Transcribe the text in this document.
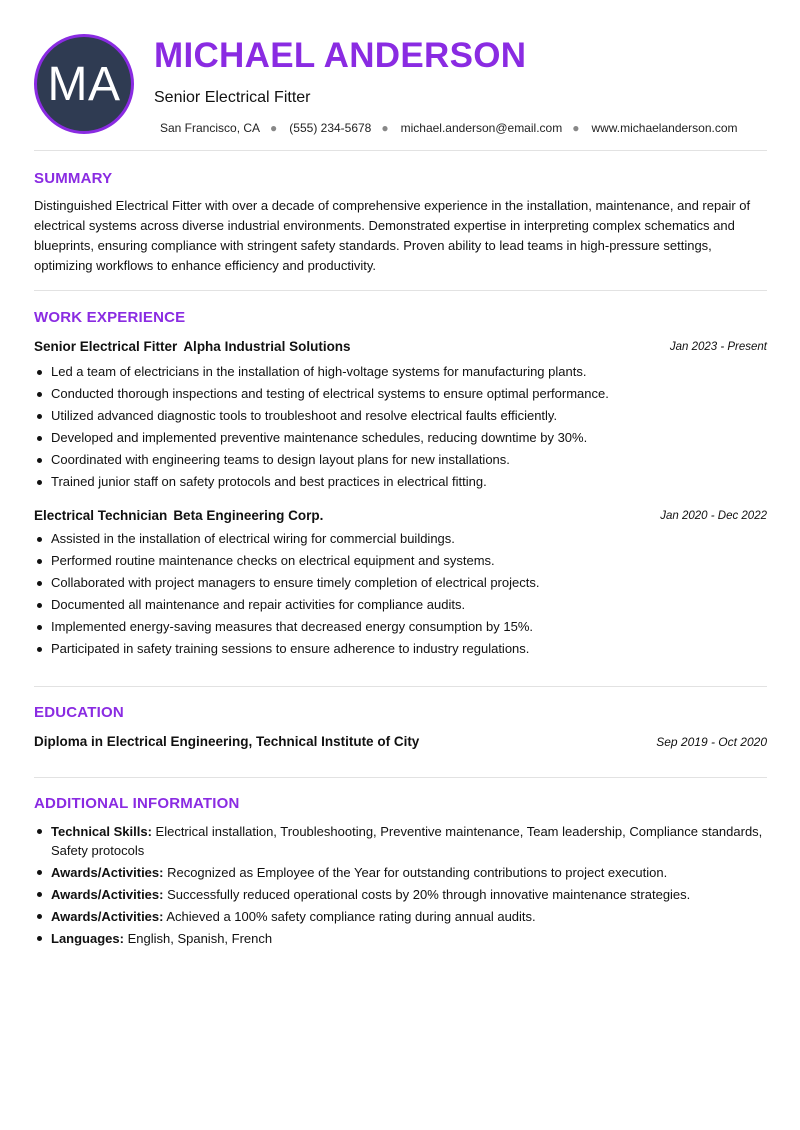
MA
MICHAEL ANDERSON
Senior Electrical Fitter
San Francisco, CA ● (555) 234-5678 ● michael.anderson@email.com ● www.michaelanderson.com
SUMMARY

Distinguished Electrical Fitter with over a decade of comprehensive experience in the installation, maintenance, and repair of electrical systems across diverse industrial environments. Demonstrated expertise in interpreting complex schematics and blueprints, ensuring compliance with stringent safety standards. Proven ability to lead teams in high-pressure settings, optimizing workflows to enhance efficiency and productivity.

WORK EXPERIENCE
Senior Electrical Fitter Alpha Industrial Solutions	Jan 2023 - Present
Led a team of electricians in the installation of high-voltage systems for manufacturing plants.
Conducted thorough inspections and testing of electrical systems to ensure optimal performance.
Utilized advanced diagnostic tools to troubleshoot and resolve electrical faults efficiently.
Developed and implemented preventive maintenance schedules, reducing downtime by 30%.
Coordinated with engineering teams to design layout plans for new installations.
Trained junior staff on safety protocols and best practices in electrical fitting.
Electrical Technician Beta Engineering Corp.	Jan 2020 - Dec 2022
Assisted in the installation of electrical wiring for commercial buildings.
Performed routine maintenance checks on electrical equipment and systems.
Collaborated with project managers to ensure timely completion of electrical projects.
Documented all maintenance and repair activities for compliance audits.
Implemented energy-saving measures that decreased energy consumption by 15%.
Participated in safety training sessions to ensure adherence to industry regulations.
EDUCATION
Diploma in Electrical Engineering, Technical Institute of City	Sep 2019 - Oct 2020
ADDITIONAL INFORMATION
Technical Skills: Electrical installation, Troubleshooting, Preventive maintenance, Team leadership, Compliance standards, Safety protocols
Awards/Activities: Recognized as Employee of the Year for outstanding contributions to project execution.
Awards/Activities: Successfully reduced operational costs by 20% through innovative maintenance strategies.
Awards/Activities: Achieved a 100% safety compliance rating during annual audits.
Languages: English, Spanish, French
